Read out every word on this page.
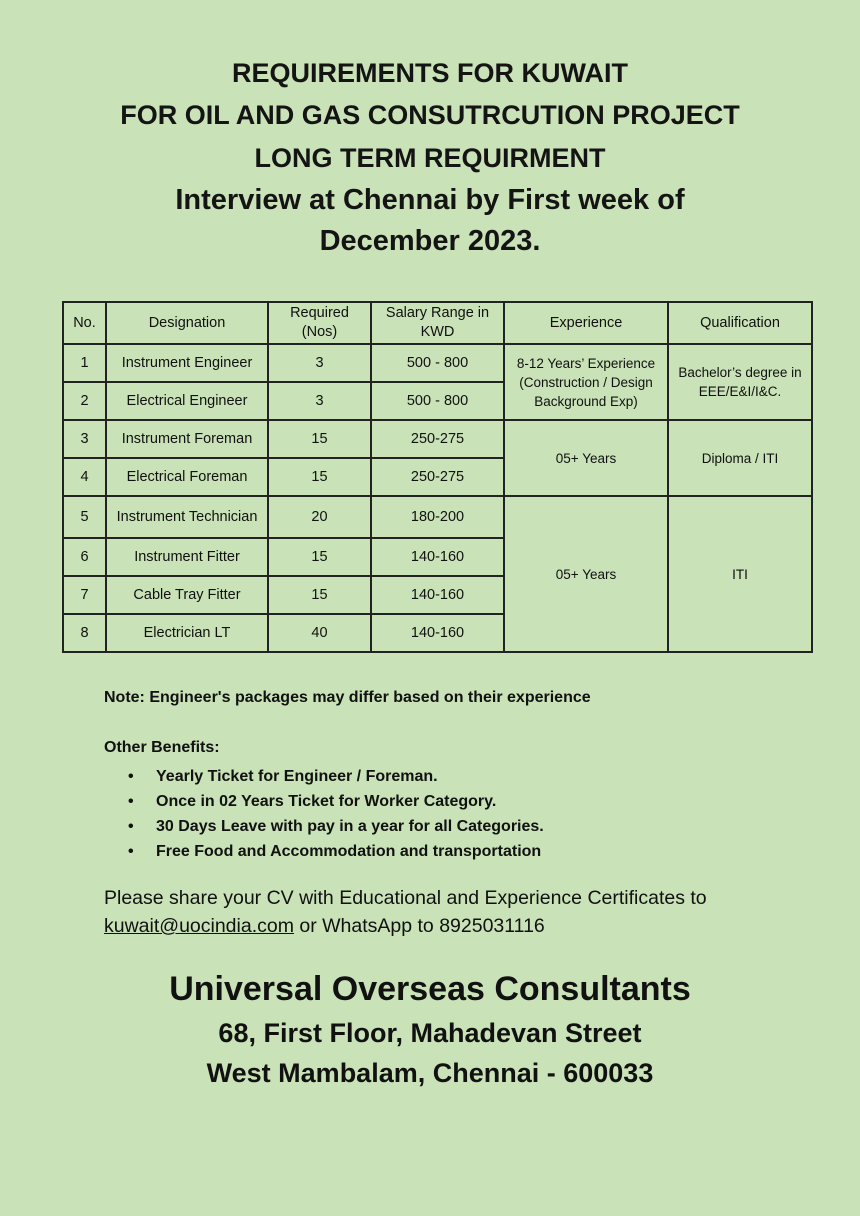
REQUIREMENTS FOR KUWAIT
FOR OIL AND GAS CONSUTRCUTION PROJECT
LONG TERM REQUIRMENT
Interview at Chennai by First week of
December 2023.
No.	Designation	Required (Nos)	Salary Range in KWD	Experience	Qualification
1	Instrument Engineer	3	500 - 800	8-12 Years’ Experience (Construction / Design Background Exp)	Bachelor’s degree in EEE/E&I/I&C.
2	Electrical Engineer	3	500 - 800		
3	Instrument Foreman	15	250-275	05+ Years	Diploma / ITI
4	Electrical Foreman	15	250-275		
5	Instrument Technician	20	180-200	05+ Years	ITI
6	Instrument Fitter	15	140-160		
7	Cable Tray Fitter	15	140-160		
8	Electrician LT	40	140-160		

Note: Engineer's packages may differ based on their experience

Other Benefits:

• Yearly Ticket for Engineer / Foreman.
• Once in 02 Years Ticket for Worker Category.
• 30 Days Leave with pay in a year for all Categories.
• Free Food and Accommodation and transportation

Please share your CV with Educational and Experience Certificates to
kuwait@uocindia.com or WhatsApp to 8925031116

Universal Overseas Consultants

68, First Floor, Mahadevan Street

West Mambalam, Chennai - 600033
